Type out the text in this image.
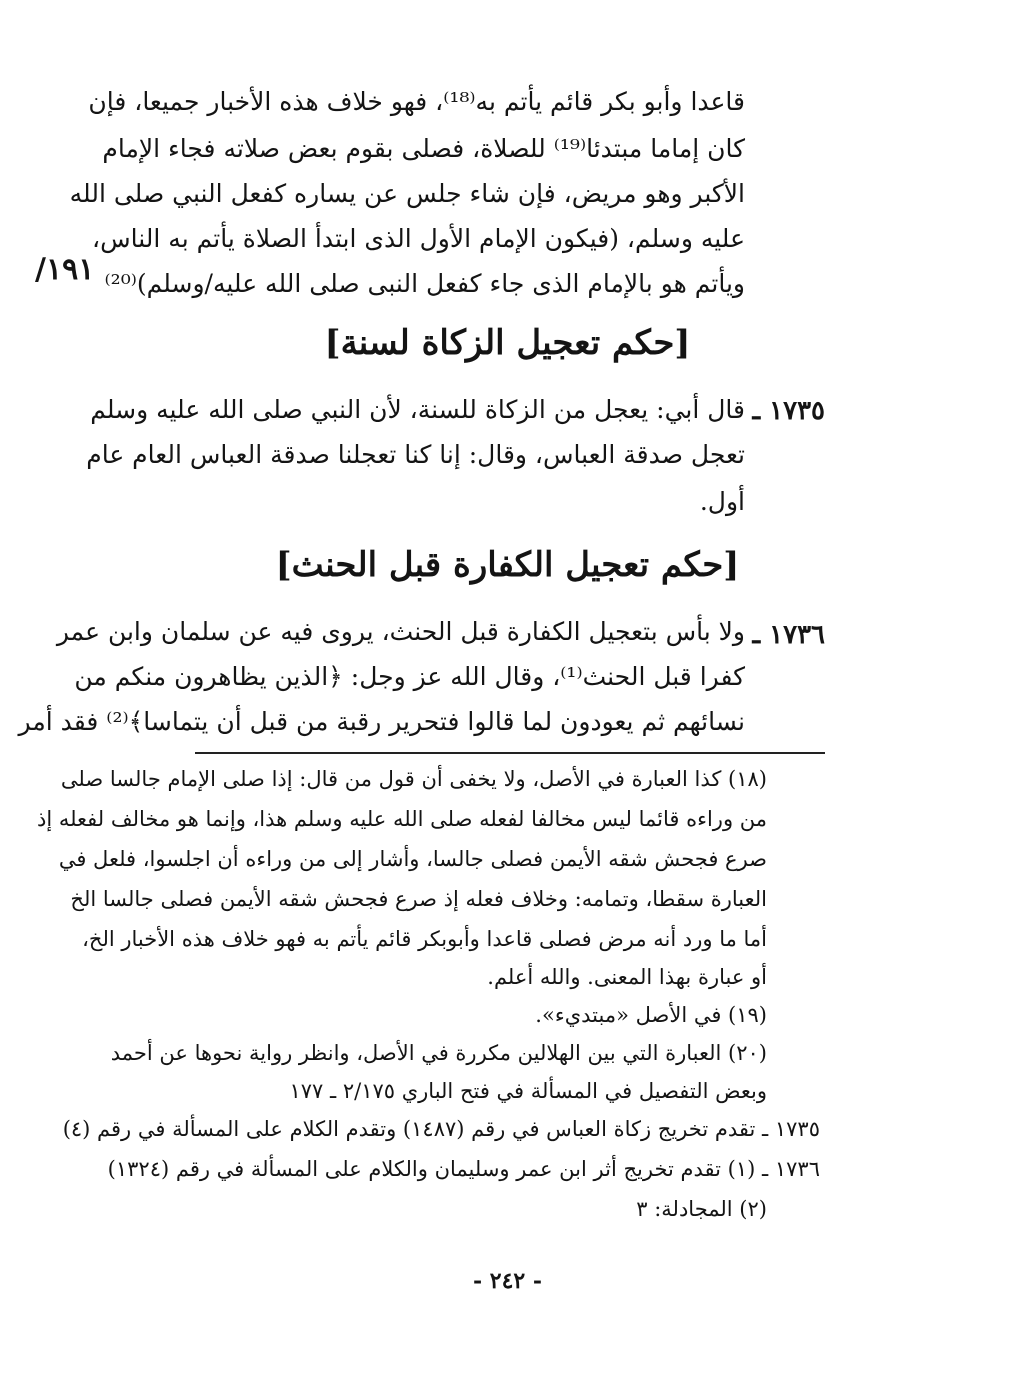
قاعدا وأبو بكر قائم يأتم به⁽¹⁸⁾، فهو خلاف هذه الأخبار جميعا، فإن
كان إماما مبتدئا⁽¹⁹⁾ للصلاة، فصلى بقوم بعض صلاته فجاء الإمام
الأكبر وهو مريض، فإن شاء جلس عن يساره كفعل النبي صلى الله
عليه وسلم، (فيكون الإمام الأول الذى ابتدأ الصلاة يأتم به الناس،
ويأتم هو بالإمام الذى جاء كفعل النبى صلى الله عليه/وسلم)⁽²⁰⁾
١٩١/
[حكم تعجيل الزكاة لسنة]
١٧٣٥ ـ
قال أبي: يعجل من الزكاة للسنة، لأن النبي صلى الله عليه وسلم
تعجل صدقة العباس، وقال: إنا كنا تعجلنا صدقة العباس العام عام
أول.
[حكم تعجيل الكفارة قبل الحنث]
١٧٣٦ ـ
ولا بأس بتعجيل الكفارة قبل الحنث، يروى فيه عن سلمان وابن عمر
كفرا قبل الحنث⁽¹⁾، وقال الله عز وجل: ﴿الذين يظاهرون منكم من
نسائهم ثم يعودون لما قالوا فتحرير رقبة من قبل أن يتماسا﴾⁽²⁾ فقد أمر
(١٨) كذا العبارة في الأصل، ولا يخفى أن قول من قال: إذا صلى الإمام جالسا صلى
من وراءه قائما ليس مخالفا لفعله صلى الله عليه وسلم هذا، وإنما هو مخالف لفعله إذ
صرع فجحش شقه الأيمن فصلى جالسا، وأشار إلى من وراءه أن اجلسوا، فلعل في
العبارة سقطا، وتمامه: وخلاف فعله إذ صرع فجحش شقه الأيمن فصلى جالسا الخ
أما ما ورد أنه مرض فصلى قاعدا وأبوبكر قائم يأتم به فهو خلاف هذه الأخبار الخ،
أو عبارة بهذا المعنى. والله أعلم.
(١٩) في الأصل «مبتديء».
(٢٠) العبارة التي بين الهلالين مكررة في الأصل، وانظر رواية نحوها عن أحمد
وبعض التفصيل في المسألة في فتح الباري ٢/١٧٥ ـ ١٧٧
١٧٣٥ ـ تقدم تخريج زكاة العباس في رقم (١٤٨٧) وتقدم الكلام على المسألة في رقم (٤)
١٧٣٦ ـ (١) تقدم تخريج أثر ابن عمر وسليمان والكلام على المسألة في رقم (١٣٢٤)
(٢) المجادلة: ٣
- ٢٤٢ -
